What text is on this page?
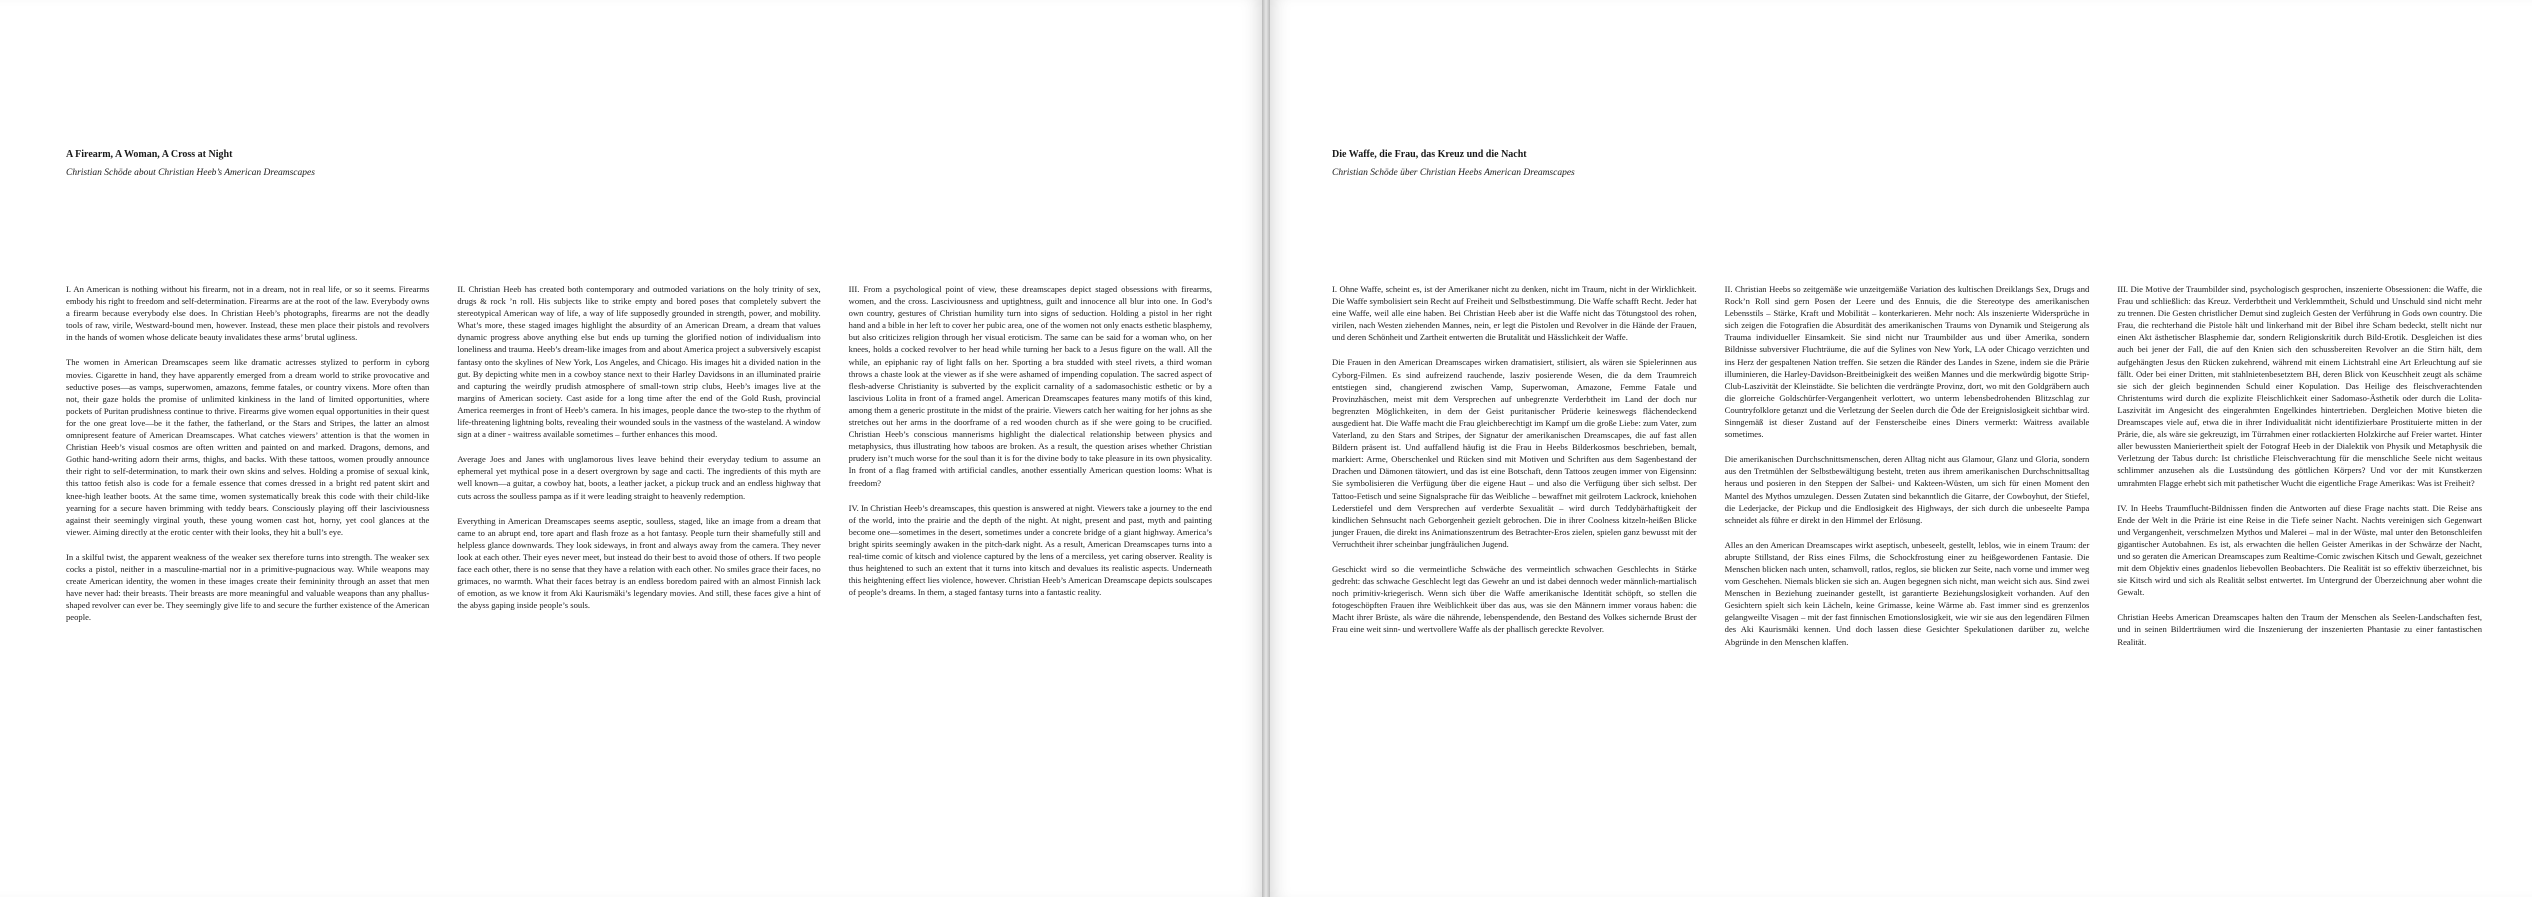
A Firearm, A Woman, A Cross at Night

Christian Schöde about Christian Heeb’s American Dreamscapes

I. An American is nothing without his firearm, not in a dream, not in real life, or so it seems. Firearms embody his right to freedom and self-determination. Firearms are at the root of the law. Everybody owns a firearm because everybody else does. In Christian Heeb’s photographs, firearms are not the deadly tools of raw, virile, Westward-bound men, however. Instead, these men place their pistols and revolvers in the hands of women whose delicate beauty invalidates these arms’ brutal ugliness.

The women in American Dreamscapes seem like dramatic actresses stylized to perform in cyborg movies. Cigarette in hand, they have apparently emerged from a dream world to strike provocative and seductive poses—as vamps, superwomen, amazons, femme fatales, or country vixens. More often than not, their gaze holds the promise of unlimited kinkiness in the land of limited opportunities, where pockets of Puritan prudishness continue to thrive. Firearms give women equal opportunities in their quest for the one great love—be it the father, the fatherland, or the Stars and Stripes, the latter an almost omnipresent feature of American Dreamscapes. What catches viewers’ attention is that the women in Christian Heeb’s visual cosmos are often written and painted on and marked. Dragons, demons, and Gothic hand-writing adorn their arms, thighs, and backs. With these tattoos, women proudly announce their right to self-determination, to mark their own skins and selves. Holding a promise of sexual kink, this tattoo fetish also is code for a female essence that comes dressed in a bright red patent skirt and knee-high leather boots. At the same time, women systematically break this code with their child-like yearning for a secure haven brimming with teddy bears. Consciously playing off their lasciviousness against their seemingly virginal youth, these young women cast hot, horny, yet cool glances at the viewer. Aiming directly at the erotic center with their looks, they hit a bull’s eye.

In a skilful twist, the apparent weakness of the weaker sex therefore turns into strength. The weaker sex cocks a pistol, neither in a masculine-martial nor in a primitive-pugnacious way. While weapons may create American identity, the women in these images create their femininity through an asset that men have never had: their breasts. Their breasts are more meaningful and valuable weapons than any phallus-shaped revolver can ever be. They seemingly give life to and secure the further existence of the American people.

II. Christian Heeb has created both contemporary and outmoded variations on the holy trinity of sex, drugs & rock ’n roll. His subjects like to strike empty and bored poses that completely subvert the stereotypical American way of life, a way of life supposedly grounded in strength, power, and mobility. What’s more, these staged images highlight the absurdity of an American Dream, a dream that values dynamic progress above anything else but ends up turning the glorified notion of individualism into loneliness and trauma. Heeb’s dream-like images from and about America project a subversively escapist fantasy onto the skylines of New York, Los Angeles, and Chicago. His images hit a divided nation in the gut. By depicting white men in a cowboy stance next to their Harley Davidsons in an illuminated prairie and capturing the weirdly prudish atmosphere of small-town strip clubs, Heeb’s images live at the margins of American society. Cast aside for a long time after the end of the Gold Rush, provincial America reemerges in front of Heeb’s camera. In his images, people dance the two-step to the rhythm of life-threatening lightning bolts, revealing their wounded souls in the vastness of the wasteland. A window sign at a diner - waitress available sometimes – further enhances this mood.

Average Joes and Janes with unglamorous lives leave behind their everyday tedium to assume an ephemeral yet mythical pose in a desert overgrown by sage and cacti. The ingredients of this myth are well known—a guitar, a cowboy hat, boots, a leather jacket, a pickup truck and an endless highway that cuts across the soulless pampa as if it were leading straight to heavenly redemption.

Everything in American Dreamscapes seems aseptic, soulless, staged, like an image from a dream that came to an abrupt end, tore apart and flash froze as a hot fantasy. People turn their shamefully still and helpless glance downwards. They look sideways, in front and always away from the camera. They never look at each other. Their eyes never meet, but instead do their best to avoid those of others. If two people face each other, there is no sense that they have a relation with each other. No smiles grace their faces, no grimaces, no warmth. What their faces betray is an endless boredom paired with an almost Finnish lack of emotion, as we know it from Aki Kaurismäki’s legendary movies. And still, these faces give a hint of the abyss gaping inside people’s souls.

III. From a psychological point of view, these dreamscapes depict staged obsessions with firearms, women, and the cross. Lasciviousness and uptightness, guilt and innocence all blur into one. In God’s own country, gestures of Christian humility turn into signs of seduction. Holding a pistol in her right hand and a bible in her left to cover her pubic area, one of the women not only enacts esthetic blasphemy, but also criticizes religion through her visual eroticism. The same can be said for a woman who, on her knees, holds a cocked revolver to her head while turning her back to a Jesus figure on the wall. All the while, an epiphanic ray of light falls on her. Sporting a bra studded with steel rivets, a third woman throws a chaste look at the viewer as if she were ashamed of impending copulation. The sacred aspect of flesh-adverse Christianity is subverted by the explicit carnality of a sadomasochistic esthetic or by a lascivious Lolita in front of a framed angel. American Dreamscapes features many motifs of this kind, among them a generic prostitute in the midst of the prairie. Viewers catch her waiting for her johns as she stretches out her arms in the doorframe of a red wooden church as if she were going to be crucified. Christian Heeb’s conscious mannerisms highlight the dialectical relationship between physics and metaphysics, thus illustrating how taboos are broken. As a result, the question arises whether Christian prudery isn’t much worse for the soul than it is for the divine body to take pleasure in its own physicality. In front of a flag framed with artificial candles, another essentially American question looms: What is freedom?

IV. In Christian Heeb’s dreamscapes, this question is answered at night. Viewers take a journey to the end of the world, into the prairie and the depth of the night. At night, present and past, myth and painting become one—sometimes in the desert, sometimes under a concrete bridge of a giant highway. America’s bright spirits seemingly awaken in the pitch-dark night. As a result, American Dreamscapes turns into a real-time comic of kitsch and violence captured by the lens of a merciless, yet caring observer. Reality is thus heightened to such an extent that it turns into kitsch and devalues its realistic aspects. Underneath this heightening effect lies violence, however. Christian Heeb’s American Dreamscape depicts soulscapes of people’s dreams. In them, a staged fantasy turns into a fantastic reality.

Die Waffe, die Frau, das Kreuz und die Nacht

Christian Schöde über Christian Heebs American Dreamscapes

I. Ohne Waffe, scheint es, ist der Amerikaner nicht zu denken, nicht im Traum, nicht in der Wirklichkeit. Die Waffe symbolisiert sein Recht auf Freiheit und Selbstbestimmung. Die Waffe schafft Recht. Jeder hat eine Waffe, weil alle eine haben. Bei Christian Heeb aber ist die Waffe nicht das Tötungstool des rohen, virilen, nach Westen ziehenden Mannes, nein, er legt die Pistolen und Revolver in die Hände der Frauen, und deren Schönheit und Zartheit entwerten die Brutalität und Hässlichkeit der Waffe.

Die Frauen in den American Dreamscapes wirken dramatisiert, stilisiert, als wären sie Spielerinnen aus Cyborg-Filmen. Es sind aufreizend rauchende, lasziv posierende Wesen, die da dem Traumreich entstiegen sind, changierend zwischen Vamp, Superwoman, Amazone, Femme Fatale und Provinzhäschen, meist mit dem Versprechen auf unbegrenzte Verderbtheit im Land der doch nur begrenzten Möglichkeiten, in dem der Geist puritanischer Prüderie keineswegs flächendeckend ausgedient hat. Die Waffe macht die Frau gleichberechtigt im Kampf um die große Liebe: zum Vater, zum Vaterland, zu den Stars and Stripes, der Signatur der amerikanischen Dreamscapes, die auf fast allen Bildern präsent ist. Und auffallend häufig ist die Frau in Heebs Bilderkosmos beschrieben, bemalt, markiert: Arme, Oberschenkel und Rücken sind mit Motiven und Schriften aus dem Sagenbestand der Drachen und Dämonen tätowiert, und das ist eine Botschaft, denn Tattoos zeugen immer von Eigensinn: Sie symbolisieren die Verfügung über die eigene Haut – und also die Verfügung über sich selbst. Der Tattoo-Fetisch und seine Signalsprache für das Weibliche – bewaffnet mit geilrotem Lackrock, kniehohen Lederstiefel und dem Versprechen auf verderbte Sexualität – wird durch Teddybärhaftigkeit der kindlichen Sehnsucht nach Geborgenheit gezielt gebrochen. Die in ihrer Coolness kitzeln-heißen Blicke junger Frauen, die direkt ins Animationszentrum des Betrachter-Eros zielen, spielen ganz bewusst mit der Verruchtheit ihrer scheinbar jungfräulichen Jugend.

Geschickt wird so die vermeintliche Schwäche des vermeintlich schwachen Geschlechts in Stärke gedreht: das schwache Geschlecht legt das Gewehr an und ist dabei dennoch weder männlich-martialisch noch primitiv-kriegerisch. Wenn sich über die Waffe amerikanische Identität schöpft, so stellen die fotogeschöpften Frauen ihre Weiblichkeit über das aus, was sie den Männern immer voraus haben: die Macht ihrer Brüste, als wäre die nährende, lebenspendende, den Bestand des Volkes sichernde Brust der Frau eine weit sinn- und wertvollere Waffe als der phallisch gereckte Revolver.

II. Christian Heebs so zeitgemäße wie unzeitgemäße Variation des kultischen Dreiklangs Sex, Drugs and Rock’n Roll sind gern Posen der Leere und des Ennuis, die die Stereotype des amerikanischen Lebensstils – Stärke, Kraft und Mobilität – konterkarieren. Mehr noch: Als inszenierte Widersprüche in sich zeigen die Fotografien die Absurdität des amerikanischen Traums von Dynamik und Steigerung als Trauma individueller Einsamkeit. Sie sind nicht nur Traumbilder aus und über Amerika, sondern Bildnisse subversiver Fluchträume, die auf die Sylines von New York, LA oder Chicago verzichten und ins Herz der gespaltenen Nation treffen. Sie setzen die Ränder des Landes in Szene, indem sie die Prärie illuminieren, die Harley-Davidson-Breitbeinigkeit des weißen Mannes und die merkwürdig bigotte Strip-Club-Laszivität der Kleinstädte. Sie belichten die verdrängte Provinz, dort, wo mit den Goldgräbern auch die glorreiche Goldschürfer-Vergangenheit verlottert, wo unterm lebensbedrohenden Blitzschlag zur Countryfolklore getanzt und die Verletzung der Seelen durch die Öde der Ereignislosigkeit sichtbar wird. Sinngemäß ist dieser Zustand auf der Fensterscheibe eines Diners vermerkt: Waitress available sometimes.

Die amerikanischen Durchschnittsmenschen, deren Alltag nicht aus Glamour, Glanz und Gloria, sondern aus den Tretmühlen der Selbstbewältigung besteht, treten aus ihrem amerikanischen Durchschnittsalltag heraus und posieren in den Steppen der Salbei- und Kakteen-Wüsten, um sich für einen Moment den Mantel des Mythos umzulegen. Dessen Zutaten sind bekanntlich die Gitarre, der Cowboyhut, der Stiefel, die Lederjacke, der Pickup und die Endlosigkeit des Highways, der sich durch die unbeseelte Pampa schneidet als führe er direkt in den Himmel der Erlösung.

Alles an den American Dreamscapes wirkt aseptisch, unbeseelt, gestellt, leblos, wie in einem Traum: der abrupte Stillstand, der Riss eines Films, die Schockfrostung einer zu heißgewordenen Fantasie. Die Menschen blicken nach unten, schamvoll, ratlos, reglos, sie blicken zur Seite, nach vorne und immer weg vom Geschehen. Niemals blicken sie sich an. Augen begegnen sich nicht, man weicht sich aus. Sind zwei Menschen in Beziehung zueinander gestellt, ist garantierte Beziehungslosigkeit vorhanden. Auf den Gesichtern spielt sich kein Lächeln, keine Grimasse, keine Wärme ab. Fast immer sind es grenzenlos gelangweilte Visagen – mit der fast finnischen Emotionslosigkeit, wie wir sie aus den legendären Filmen des Aki Kaurismäki kennen. Und doch lassen diese Gesichter Spekulationen darüber zu, welche Abgründe in den Menschen klaffen.

III. Die Motive der Traumbilder sind, psychologisch gesprochen, inszenierte Obsessionen: die Waffe, die Frau und schließlich: das Kreuz. Verderbtheit und Verklemmtheit, Schuld und Unschuld sind nicht mehr zu trennen. Die Gesten christlicher Demut sind zugleich Gesten der Verführung in Gods own country. Die Frau, die rechterhand die Pistole hält und linkerhand mit der Bibel ihre Scham bedeckt, stellt nicht nur einen Akt ästhetischer Blasphemie dar, sondern Religionskritik durch Bild-Erotik. Desgleichen ist dies auch bei jener der Fall, die auf den Knien sich den schussbereiten Revolver an die Stirn hält, dem aufgehängten Jesus den Rücken zukehrend, während mit einem Lichtstrahl eine Art Erleuchtung auf sie fällt. Oder bei einer Dritten, mit stahlnietenbesetztem BH, deren Blick von Keuschheit zeugt als schäme sie sich der gleich beginnenden Schuld einer Kopulation. Das Heilige des fleischverachtenden Christentums wird durch die explizite Fleischlichkeit einer Sadomaso-Ästhetik oder durch die Lolita-Laszivität im Angesicht des eingerahmten Engelkindes hintertrieben. Dergleichen Motive bieten die Dreamscapes viele auf, etwa die in ihrer Individualität nicht identifizierbare Prostituierte mitten in der Prärie, die, als wäre sie gekreuzigt, im Türrahmen einer rotlackierten Holzkirche auf Freier wartet. Hinter aller bewussten Manieriertheit spielt der Fotograf Heeb in der Dialektik von Physik und Metaphysik die Verletzung der Tabus durch: Ist christliche Fleischverachtung für die menschliche Seele nicht weitaus schlimmer anzusehen als die Lustsündung des göttlichen Körpers? Und vor der mit Kunstkerzen umrahmten Flagge erhebt sich mit pathetischer Wucht die eigentliche Frage Amerikas: Was ist Freiheit?

IV. In Heebs Traumflucht-Bildnissen finden die Antworten auf diese Frage nachts statt. Die Reise ans Ende der Welt in die Prärie ist eine Reise in die Tiefe seiner Nacht. Nachts vereinigen sich Gegenwart und Vergangenheit, verschmelzen Mythos und Malerei – mal in der Wüste, mal unter den Betonschleifen gigantischer Autobahnen. Es ist, als erwachten die hellen Geister Amerikas in der Schwärze der Nacht, und so geraten die American Dreamscapes zum Realtime-Comic zwischen Kitsch und Gewalt, gezeichnet mit dem Objektiv eines gnadenlos liebevollen Beobachters. Die Realität ist so effektiv überzeichnet, bis sie Kitsch wird und sich als Realität selbst entwertet. Im Untergrund der Überzeichnung aber wohnt die Gewalt.

Christian Heebs American Dreamscapes halten den Traum der Menschen als Seelen-Landschaften fest, und in seinen Bilderträumen wird die Inszenierung der inszenierten Phantasie zu einer fantastischen Realität.
